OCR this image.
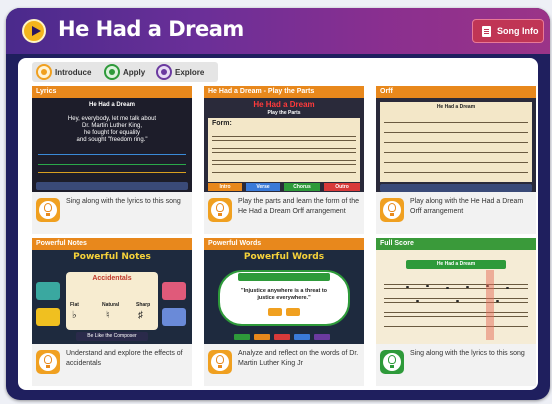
He Had a Dream	Song Info
Introduce	Apply	Explore
Lyrics
He Had a Dream
Hey, everybody, let me talk about
Dr. Martin Luther King,
he fought for equality
and sought "freedom ring."
Sing along with the lyrics to this song
He Had a Dream - Play the Parts
He Had a Dream
Play the Parts
Form:
Intro	Verse	Chorus	Outro
Play the parts and learn the form of the He Had a Dream Orff arrangement
Orff
He Had a Dream
Play along with the He Had a Dream Orff arrangement
Powerful Notes
Powerful Notes
Accidentals
Flat	Natural	Sharp
♭	♮	♯
Be Like the Composer
Understand and explore the effects of accidentals
Powerful Words
Powerful Words
"Injustice anywhere is a threat to justice everywhere."
Analyze and reflect on the words of Dr. Martin Luther King Jr
Full Score
He Had a Dream
Sing along with the lyrics to this song
